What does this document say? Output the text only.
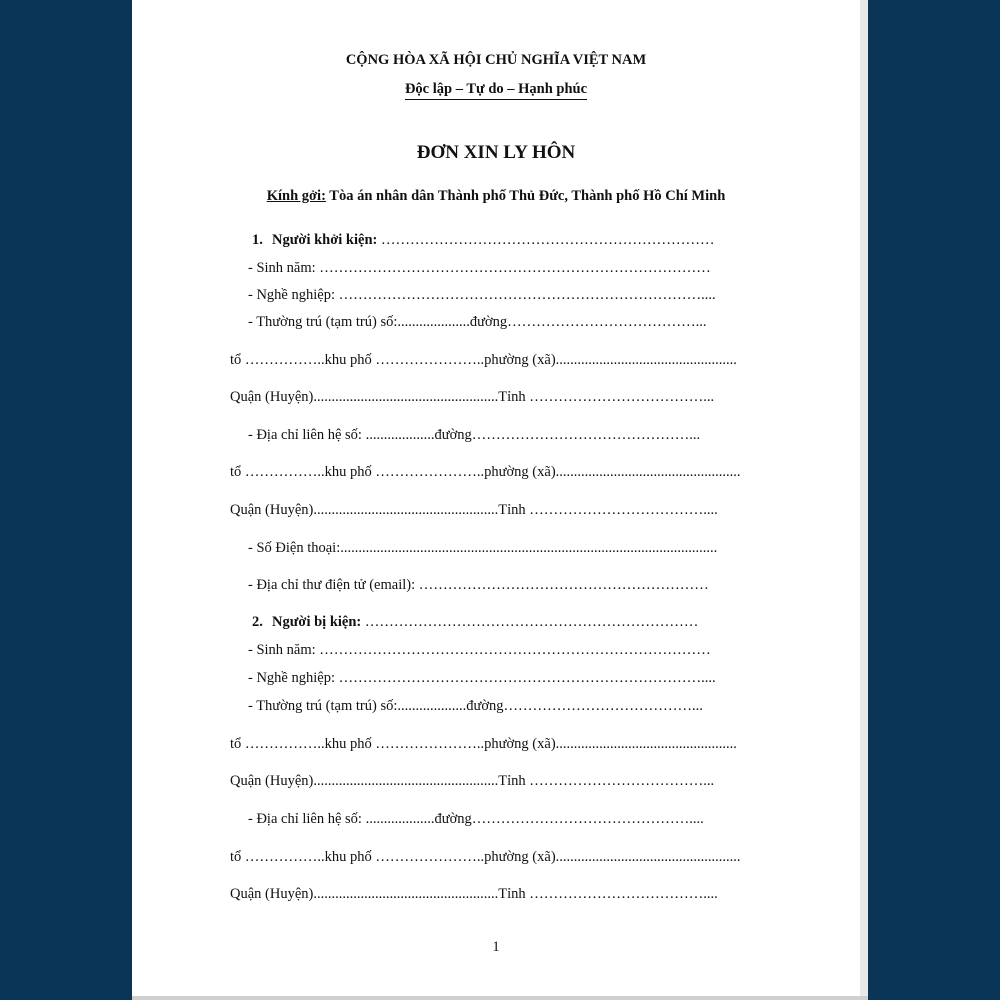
CỘNG HÒA XÃ HỘI CHỦ NGHĨA VIỆT NAM
Độc lập – Tự do – Hạnh phúc
ĐƠN XIN LY HÔN
Kính gởi: Tòa án nhân dân Thành phố Thủ Đức, Thành phố Hồ Chí Minh
1. Người khởi kiện: ……………………………………………………………
- Sinh năm: ………………………………………………………………………
- Nghề nghiệp: …………………………………………………………………....
- Thường trú (tạm trú) số:....................đường…………………………………...
tổ ……………..khu phố …………………..phường (xã)..................................................
Quận (Huyện)...................................................Tỉnh ………………………………...
- Địa chỉ liên hệ số: ...................đường………………………………………...
tổ ……………..khu phố …………………..phường (xã)...................................................
Quận (Huyện)...................................................Tỉnh ………………………………....
- Số Điện thoại:........................................................................................................
- Địa chỉ thư điện tử (email): ……………………………………………………
2. Người bị kiện: ……………………………………………………………
- Sinh năm: ………………………………………………………………………
- Nghề nghiệp: …………………………………………………………………....
- Thường trú (tạm trú) số:...................đường…………………………………...
tổ ……………..khu phố …………………..phường (xã)..................................................
Quận (Huyện)...................................................Tỉnh ………………………………...
- Địa chỉ liên hệ số: ...................đường………………………………………....
tổ ……………..khu phố …………………..phường (xã)...................................................
Quận (Huyện)...................................................Tỉnh ………………………………....
1
